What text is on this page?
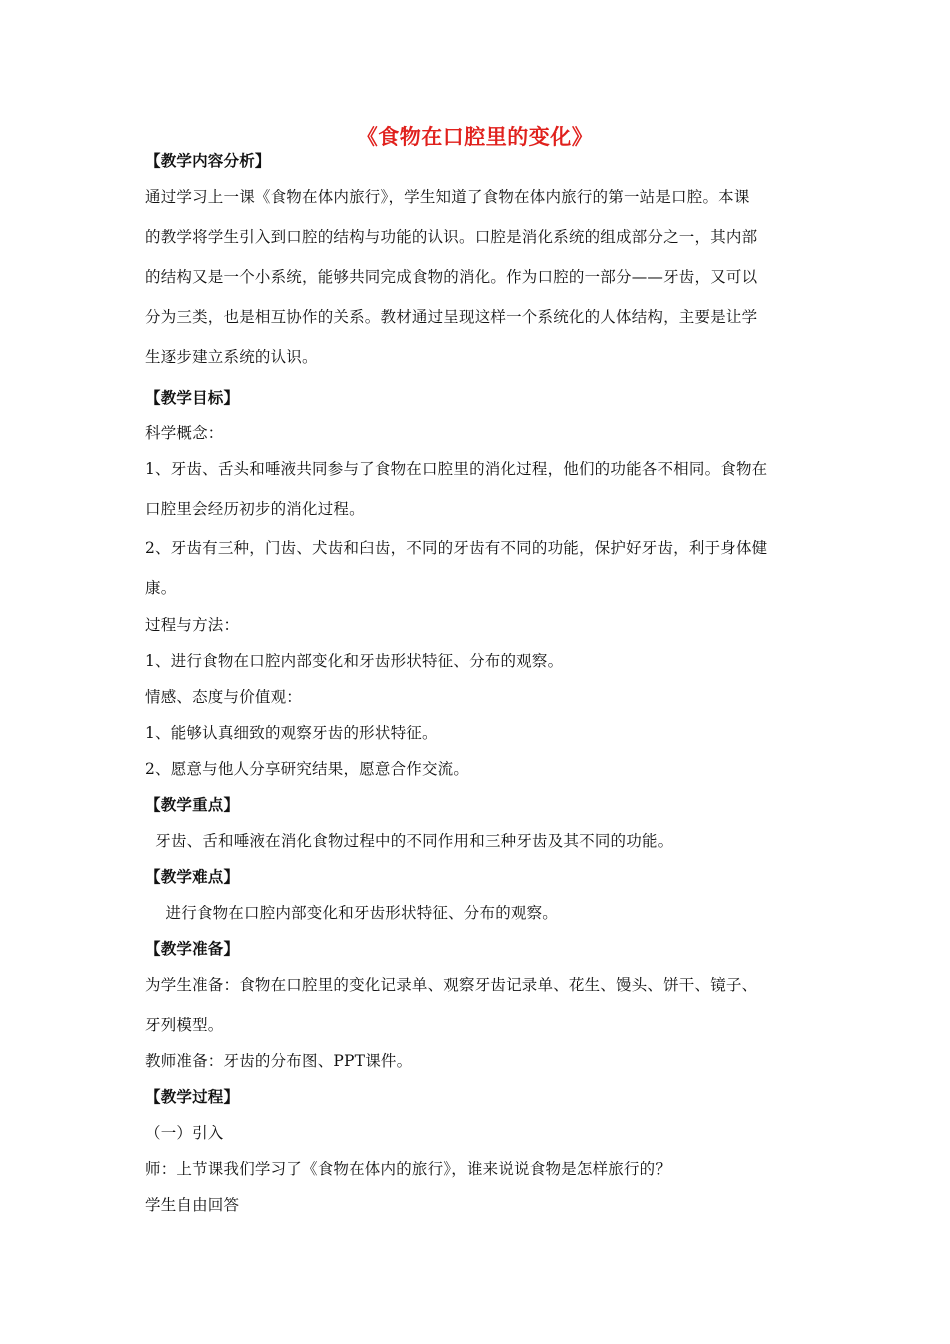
《食物在口腔里的变化》
【教学内容分析】
通过学习上一课《食物在体内旅行》，学生知道了食物在体内旅行的第一站是口腔。本课
的教学将学生引入到口腔的结构与功能的认识。口腔是消化系统的组成部分之一，其内部
的结构又是一个小系统，能够共同完成食物的消化。作为口腔的一部分——牙齿，又可以
分为三类，也是相互协作的关系。教材通过呈现这样一个系统化的人体结构，主要是让学
生逐步建立系统的认识。
【教学目标】
科学概念：
1、牙齿、舌头和唾液共同参与了食物在口腔里的消化过程，他们的功能各不相同。食物在
口腔里会经历初步的消化过程。
2、牙齿有三种，门齿、犬齿和臼齿，不同的牙齿有不同的功能，保护好牙齿，利于身体健
康。
过程与方法：
1、进行食物在口腔内部变化和牙齿形状特征、分布的观察。
情感、态度与价值观：
1、能够认真细致的观察牙齿的形状特征。
2、愿意与他人分享研究结果，愿意合作交流。
【教学重点】
牙齿、舌和唾液在消化食物过程中的不同作用和三种牙齿及其不同的功能。
【教学难点】
进行食物在口腔内部变化和牙齿形状特征、分布的观察。
【教学准备】
为学生准备：食物在口腔里的变化记录单、观察牙齿记录单、花生、馒头、饼干、镜子、
牙列模型。
教师准备：牙齿的分布图、PPT课件。
【教学过程】
（一）引入
师：上节课我们学习了《食物在体内的旅行》，谁来说说食物是怎样旅行的？
学生自由回答
